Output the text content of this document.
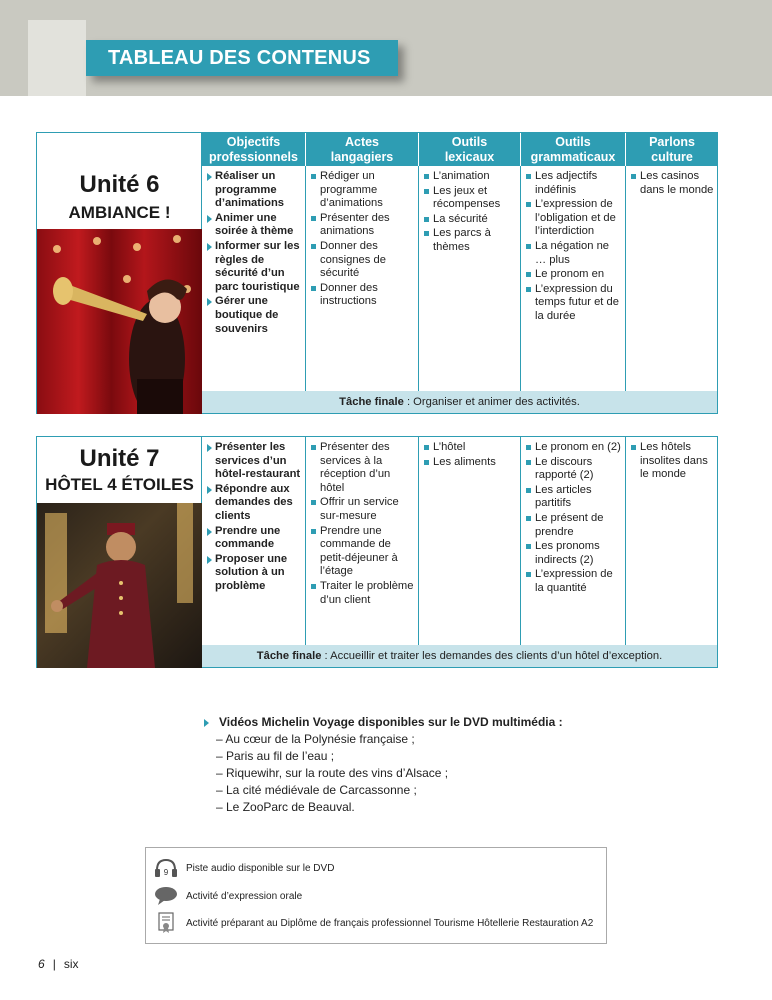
TABLEAU DES CONTENUS
Unité 6
AMBIANCE !
Objectifs
professionnels
Actes
langagiers
Outils
lexicaux
Outils
grammaticaux
Parlons
culture
Réaliser un programme d’animations
Animer une soirée à thème
Informer sur les règles de sécurité d’un parc touristique
Gérer une boutique de souvenirs
Rédiger un programme d’animations
Présenter des animations
Donner des consignes de sécurité
Donner des instructions
L’animation
Les jeux et récompenses
La sécurité
Les parcs à thèmes
Les adjectifs indéfinis
L’expression de l’obligation et de l’interdiction
La négation ne … plus
Le pronom en
L’expression du temps futur et de la durée
Les casinos dans le monde
Tâche finale : Organiser et animer des activités.
Unité 7
HÔTEL 4 ÉTOILES
Présenter les services d’un hôtel-restaurant
Répondre aux demandes des clients
Prendre une commande
Proposer une solution à un problème
Présenter des services à la réception d’un hôtel
Offrir un service sur-mesure
Prendre une commande de petit-déjeuner à l’étage
Traiter le problème d’un client
L’hôtel
Les aliments
Le pronom en (2)
Le discours rapporté (2)
Les articles partitifs
Le présent de prendre
Les pronoms indirects (2)
L’expression de la quantité
Les hôtels insolites dans le monde
Tâche finale : Accueillir et traiter les demandes des clients d’un hôtel d’exception.
Vidéos Michelin Voyage disponibles sur le DVD multimédia :
– Au cœur de la Polynésie française ;
– Paris au fil de l’eau ;
– Riquewihr, sur la route des vins d’Alsace ;
– La cité médiévale de Carcassonne ;
– Le ZooParc de Beauval.
9 Piste audio disponible sur le DVD
Activité d’expression orale
Activité préparant au Diplôme de français professionnel Tourisme Hôtellerie Restauration A2
6 | six
